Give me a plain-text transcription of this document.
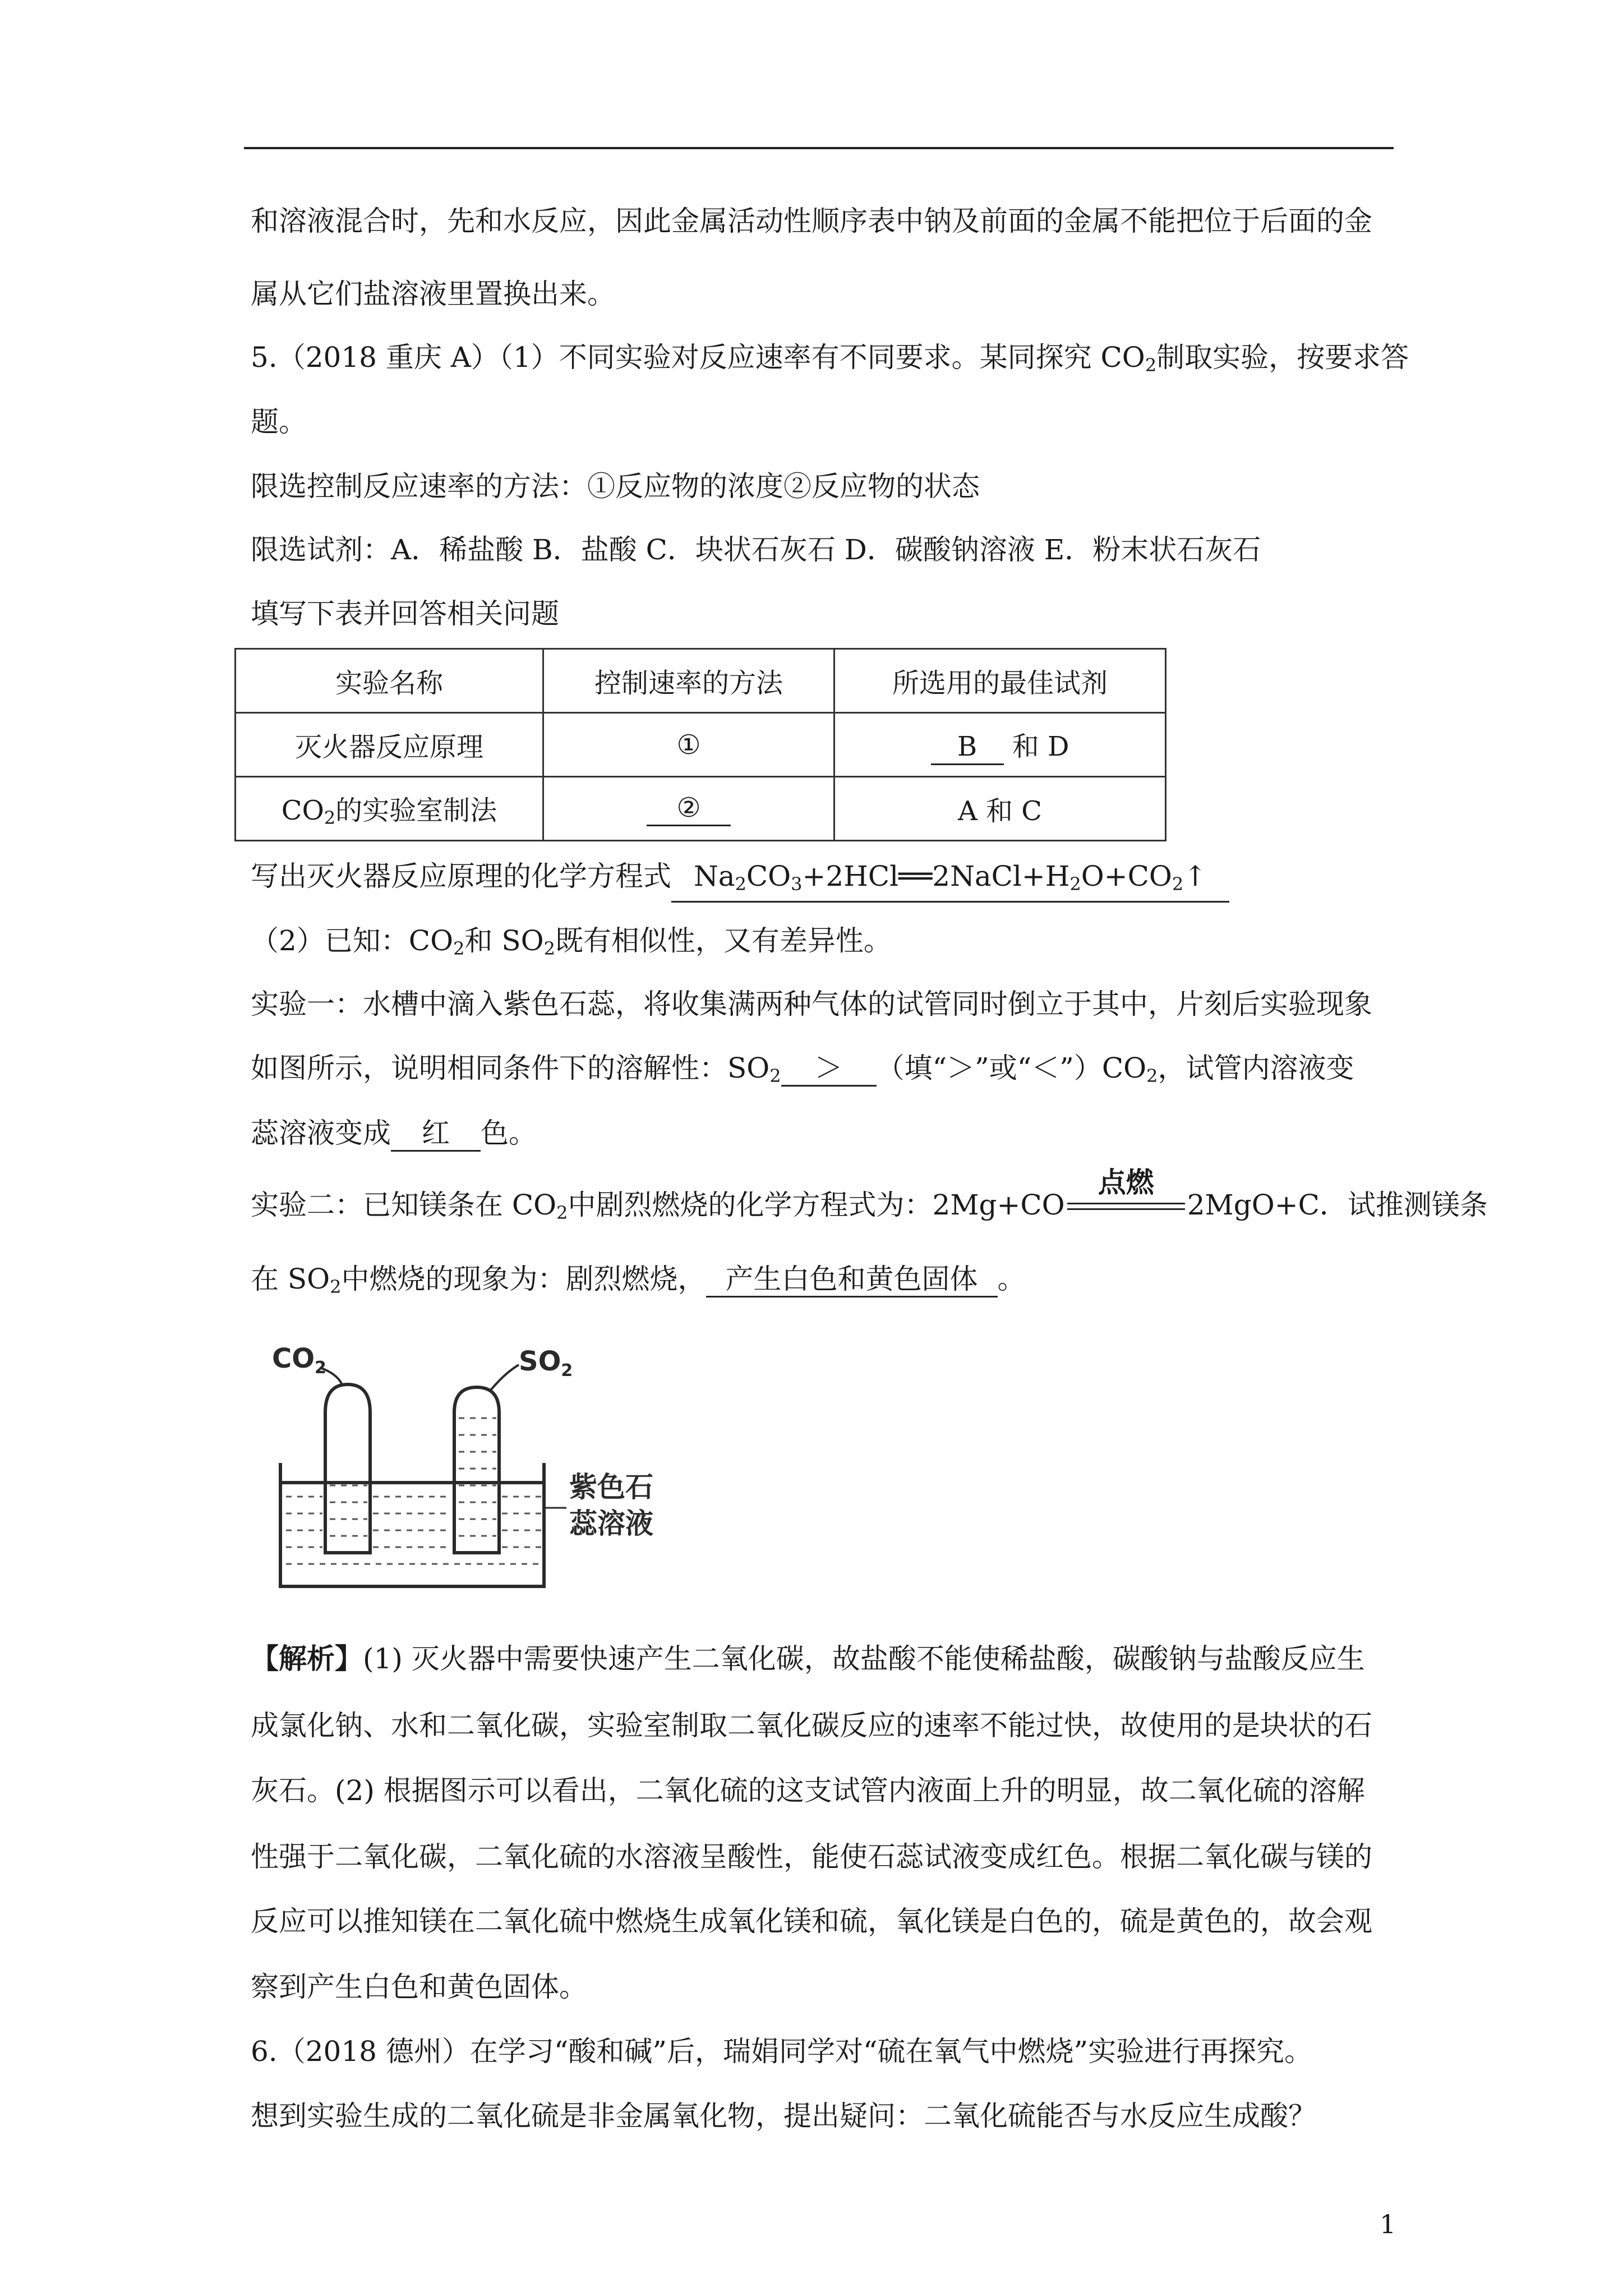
和溶液混合时，先和水反应，因此金属活动性顺序表中钠及前面的金属不能把位于后面的金
属从它们盐溶液里置换出来。
5.（2018 重庆 A）（1）不同实验对反应速率有不同要求。某同探究 $CO_2$制取实验，按要求答
题。
限选控制反应速率的方法：①反应物的浓度②反应物的状态
限选试剂：A．稀盐酸 B．盐酸 C．块状石灰石 D．碳酸钠溶液 E．粉末状石灰石
填写下表并回答相关问题
实验名称	控制速率的方法	所选用的最佳试剂
灭火器反应原理	①	B 和 D
$CO_2$的实验室制法	②	A 和 C
写出灭火器反应原理的化学方程式 $Na_2CO_3+2HCl══2NaCl+H_2O+CO_2↑$
（2）已知：$CO_2$和 $SO_2$既有相似性，又有差异性。
实验一：水槽中滴入紫色石蕊，将收集满两种气体的试管同时倒立于其中，片刻后实验现象
如图所示，说明相同条件下的溶解性：$SO_2$ ＞ （填“＞”或“$<”)CO_2$，试管内溶液变
蕊溶液变成 红 色。
实验二：已知镁条在 $CO_2$中剧烈燃烧的化学方程式为：2Mg+CO
点燃
2MgO+C．试推测镁条
在 $SO_2$中燃烧的现象为：剧烈燃烧， 产生白色和黄色固体 。
$CO_2$	$SO_2$
紫色石
蕊溶液
【解析】(1) 灭火器中需要快速产生二氧化碳，故盐酸不能使稀盐酸，碳酸钠与盐酸反应生
成氯化钠、水和二氧化碳，实验室制取二氧化碳反应的速率不能过快，故使用的是块状的石
灰石。(2) 根据图示可以看出，二氧化硫的这支试管内液面上升的明显，故二氧化硫的溶解
性强于二氧化碳，二氧化硫的水溶液呈酸性，能使石蕊试液变成红色。根据二氧化碳与镁的
反应可以推知镁在二氧化硫中燃烧生成氧化镁和硫，氧化镁是白色的，硫是黄色的，故会观
察到产生白色和黄色固体。
6.（2018 德州）在学习“酸和碱”后，瑞娟同学对“硫在氧气中燃烧”实验进行再探究。
想到实验生成的二氧化硫是非金属氧化物，提出疑问：二氧化硫能否与水反应生成酸？
1
